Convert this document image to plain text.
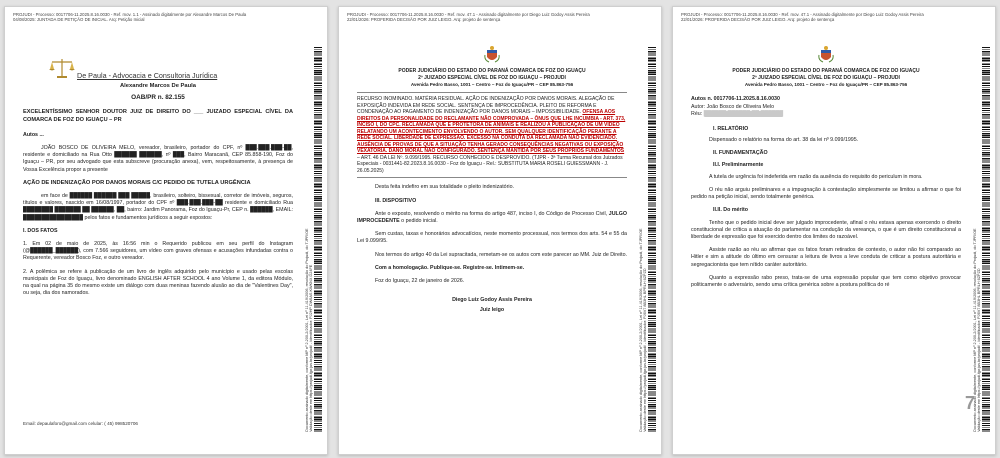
PROJUDI - Processo: 0017706-11.2025.8.16.0030 - Ref. mov. 1.1 - Assinado digitalmente por Alexandre Marcos De Paula
04/08/2025: JUNTADA DE PETIÇÃO DE INICIAL. Arq: Petição Inicial
Documento assinado digitalmente, conforme MP nº 2.200-2/2001, Lei nº 11.419/2006, resolução do Projudi, do TJPR/OE Validação deste em https://projudi.tjpr.jus.br/projudi/ - Identificador: PJ2HP DW6AS KWKNX D24FE
De Paula - Advocacia e Consultoria Jurídica
Alexandre Marcos De Paula
OAB/PR n. 82.155

EXCELENTÍSSIMO SENHOR DOUTOR JUIZ DE DIREITO DO ___ JUIZADO ESPECIAL CÍVEL DA COMARCA DE FOZ DO IGUAÇU – PR

Autos ...

JOÃO BOSCO DE OLIVEIRA MELO, vereador, brasileiro, portador do CPF, nº ███.███.███-██, residente e domiciliado na Rua Otto ██████ ██████, nº ███, Bairro Maracanã, CEP 85.858-190, Foz do Iguaçu – PR, por seu advogado que esta subscreve (procuração anexa), vem, respeitosamente, à presença de Vossa Excelência propor a presente

AÇÃO DE INDENIZAÇÃO POR DANOS MORAIS C/C PEDIDO DE TUTELA URGÊNCIA

em face de ██████ ██████ ███ █████, brasileiro, solteiro, bissexual, corretor de imóveis, seguros, títulos e valores, nascido em 16/08/1997, portador do CPF nº ███.███.███-██ residente e domiciliado Rua ████████ ███████ ██ ██████, ██, bairro: Jardim Panorama, Foz do Iguaçu-Pr, CEP n. ██████, EMAIL: ████████████████ pelos fatos e fundamentos jurídicos a seguir expostos:

I. DOS FATOS

1. Em 02 de maio de 2025, às 16:56 min o Requerido publicou em seu perfil do Instagram (@██████_██████), com 7.566 seguidores, um vídeo com graves ofensas e acusações infundadas contra o Requerente, vereador Bosco Foz, e outro vereador.

2. A polêmica se refere à publicação de um livro de inglês adquirido pelo município e usado pelas escolas municipais de Foz do Iguaçu, livro denominado ENGLISH AFTER SCHOOL 4 ano Volume 1, da editora Módulo, na qual na página 35 do mesmo existe um diálogo com duas meninas fazendo alusão ao dia de "Valentines Day", ou seja, dia dos namorados.

Email: depaulaforo@gmail.com celular: ( 45) 998520706
PROJUDI - Processo: 0017706-11.2025.8.16.0030 - Ref. mov. 47.1 - Assinado digitalmente por Diego Luiz Godoy Assis Pereira
22/01/2026: PROFERIDA DECISÃO POR JUIZ LEIGO. Arq: projeto de sentença
Documento assinado digitalmente, conforme MP nº 2.200-2/2001, Lei nº 11.419/2006, resolução do Projudi, do TJPR/OE Validação deste em https://projudi.tjpr.jus.br/projudi/ - Identificador: PJ6V7 8B3HL BPRLH 6ZPZD
PODER JUDICIÁRIO DO ESTADO DO PARANÁ COMARCA DE FOZ DO IGUAÇU
2º JUIZADO ESPECIAL CÍVEL DE FOZ DO IGUAÇU – PROJUDI
Avenida Pedro Basso, 1001 – Centro – Foz do Iguaçu/PR – CEP 85.863-756
RECURSO INOMINADO. MATÉRIA RESIDUAL. AÇÃO DE INDENIZAÇÃO POR DANOS MORAIS. ALEGAÇÃO DE EXPOSIÇÃO INDEVIDA EM REDE SOCIAL. SENTENÇA DE IMPROCEDÊNCIA. PLEITO DE REFORMA E CONDENAÇÃO AO PAGAMENTO DE INDENIZAÇÃO POR DANOS MORAIS – IMPOSSIBILIDADE. OFENSA AOS DIREITOS DA PERSONALIDADE DO RECLAMANTE NÃO COMPROVADA – ÔNUS QUE LHE INCUMBIA - ART. 373, INCISO I, DO CPC. RECLAMADA QUE É PROTETORA DE ANIMAIS E REALIZOU A PUBLICAÇÃO DE UM VÍDEO RELATANDO UM ACONTECIMENTO ENVOLVENDO O AUTOR. SEM QUALQUER IDENTIFICAÇÃO PERANTE A REDE SOCIAL. LIBERDADE DE EXPRESSÃO. EXCESSO NA CONDUTA DA RECLAMADA NÃO EVIDENCIADO. AUSÊNCIA DE PROVAS DE QUE A SITUAÇÃO TENHA GERADO CONSEQUÊNCIAS NEGATIVAS OU EXPOSIÇÃO VEXATÓRIA. DANO MORAL NÃO CONFIGURADO. SENTENÇA MANTIDA POR SEUS PRÓPRIOS FUNDAMENTOS – ART. 46 DA LEI Nº. 9.099/1995. RECURSO CONHECIDO E DESPROVIDO. (TJPR - 3ª Turma Recursal dos Juizados Especiais - 0031441-82.2023.8.16.0030 - Foz do Iguaçu - Rel.: SUBSTITUTA MARIA ROSELI GUIESSMANN - J. 26.05.2025)

Desta feita indefiro em sua totalidade o pleito indenizatório.

III. DISPOSITIVO

Ante o exposto, resolvendo o mérito na forma do artigo 487, inciso I, do Código de Processo Civil, JULGO IMPROCEDENTE o pedido inicial.

Sem custas, taxas e honorários advocatícios, neste momento processual, nos termos dos arts. 54 e 55 da Lei 9.099/95.

Nos termos do artigo 40 da Lei supracitada, remetam-se os autos com este parecer ao MM. Juiz de Direito.

Com a homologação. Publique-se. Registre-se. Intimem-se.

Foz do Iguaçu, 22 de janeiro de 2026.

Diego Luiz Godoy Assis Pereira
Juiz leigo
PROJUDI - Processo: 0017706-11.2025.8.16.0030 - Ref. mov. 47.1 - Assinado digitalmente por Diego Luiz Godoy Assis Pereira
22/01/2026: PROFERIDA DECISÃO POR JUIZ LEIGO. Arq: projeto de sentença
Documento assinado digitalmente, conforme MP nº 2.200-2/2001, Lei nº 11.419/2006, resolução do Projudi, do TJPR/OE Validação deste em https://projudi.tjpr.jus.br/projudi/ - Identificador: PJ6V7 8B3HL BPRLH 6ZPZD
PODER JUDICIÁRIO DO ESTADO DO PARANÁ COMARCA DE FOZ DO IGUAÇU
2º JUIZADO ESPECIAL CÍVEL DE FOZ DO IGUAÇU – PROJUDI
Avenida Pedro Basso, 1001 – Centro – Foz do Iguaçu/PR – CEP 85.863-756
Autos n. 0017706-11.2025.8.16.0030
Autor: João Bosco de Oliveira Melo
Réu: ██████ ██████ ██ ██████

I. RELATÓRIO

Dispensado o relatório na forma do art. 38 da lei nº 9.099/1995.

II. FUNDAMENTAÇÃO

II.I. Preliminarmente

A tutela de urgência foi indeferida em razão da ausência do requisito do periculum in mora.

O réu não arguiu preliminares e a impugnação à contestação simplesmente se limitou a afirmar o que foi pedido na petição inicial, sendo totalmente genérica.

II.II. Do mérito

Tenho que o pedido inicial deve ser julgado improcedente, afinal o réu estava apenas exercendo o direito constitucional de crítica a atuação do parlamentar na condução da vereança, o que é um direito constitucional a liberdade de expressão que foi exercido dentro dos limites do razoável.

Assiste razão ao réu ao afirmar que os fatos foram retirados de contexto, o autor não foi comparado ao Hitler e sim a atitude do último em censurar a leitura de livros a leve conduta de criticar a postura autoritária e segregacionista que tem nítido caráter autoritário.

Quanto a expressão rabo preso, trata-se de uma expressão popular que tem como objetivo provocar politicamente o adversário, sendo uma crítica genérica sobre a postura política do ré

7
